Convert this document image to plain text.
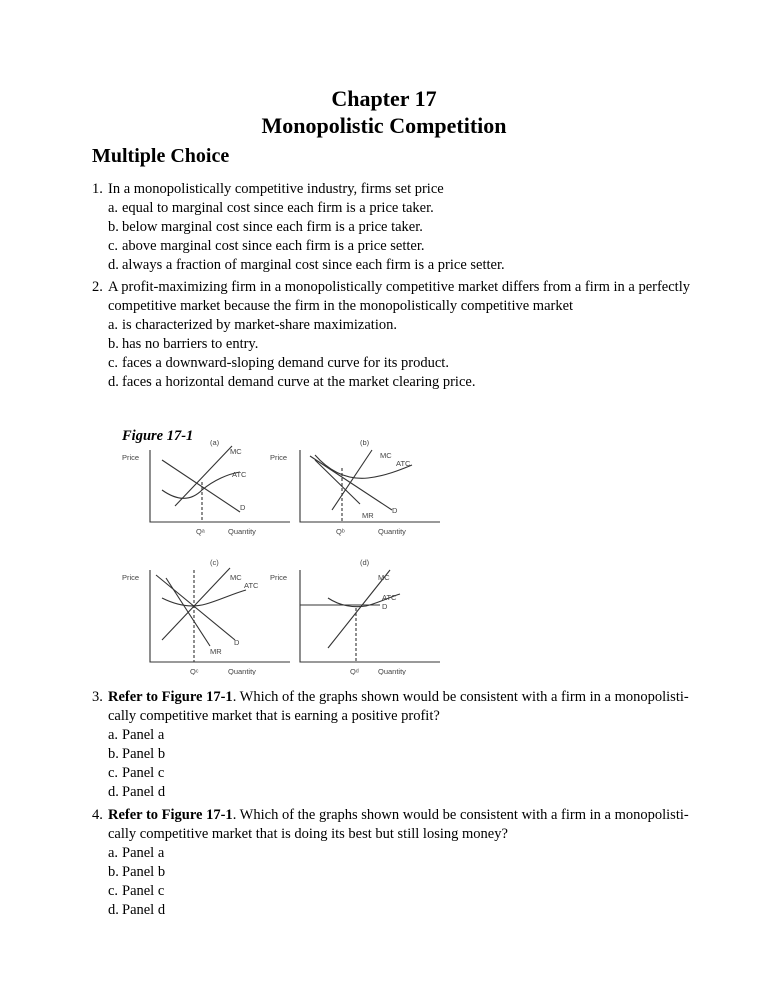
Chapter 17
Monopolistic Competition
Multiple Choice
1. In a monopolistically competitive industry, firms set price
a. equal to marginal cost since each firm is a price taker.
b. below marginal cost since each firm is a price taker.
c. above marginal cost since each firm is a price setter.
d. always a fraction of marginal cost since each firm is a price setter.
2. A profit-maximizing firm in a monopolistically competitive market differs from a firm in a perfectly competitive market because the firm in the monopolistically competitive market
a. is characterized by market-share maximization.
b. has no barriers to entry.
c. faces a downward-sloping demand curve for its product.
d. faces a horizontal demand curve at the market clearing price.
Figure 17-1 (a)
Price
MC
ATC
D
Qᵃ	Quantity
(b)
Price	MC
ATC
D
MR
Qᵇ	Quantity
(c)
Price	MC
ATC
D
MR
Qᶜ	Quantity
(d)
Price	MC
ATC
D
Qᵈ	Quantity
3. Refer to Figure 17-1. Which of the graphs shown would be consistent with a firm in a monopolisti-cally competitive market that is earning a positive profit?
a. Panel a
b. Panel b
c. Panel c
d. Panel d
4. Refer to Figure 17-1. Which of the graphs shown would be consistent with a firm in a monopolisti-cally competitive market that is doing its best but still losing money?
a. Panel a
b. Panel b
c. Panel c
d. Panel d
